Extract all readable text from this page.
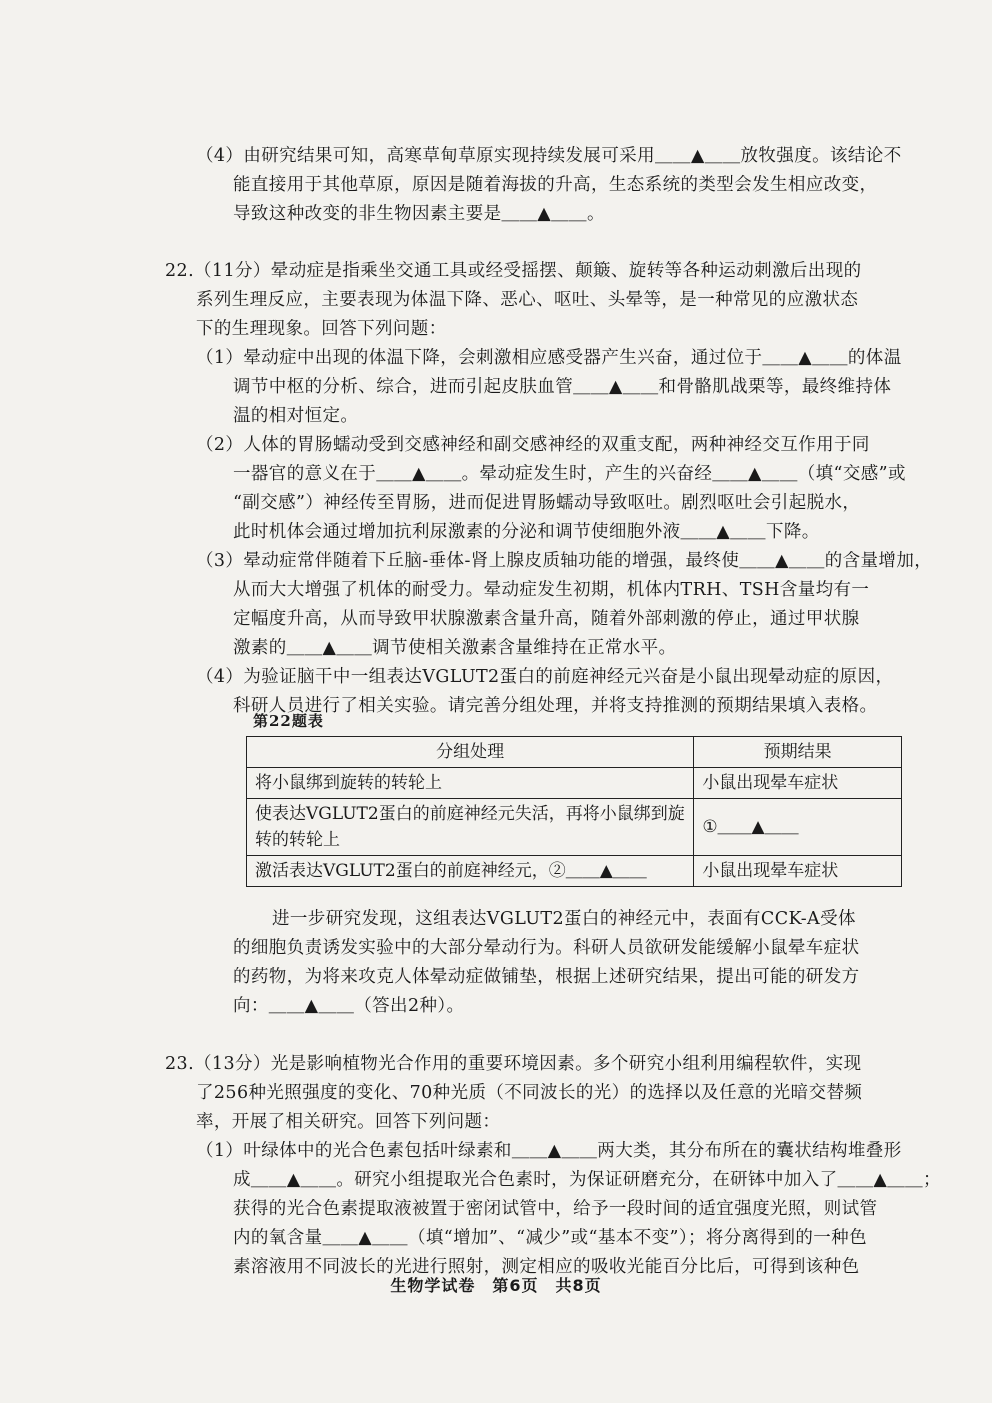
（4）由研究结果可知，高寒草甸草原实现持续发展可采用＿＿▲＿＿放牧强度。该结论不
能直接用于其他草原，原因是随着海拔的升高，生态系统的类型会发生相应改变，
导致这种改变的非生物因素主要是＿＿▲＿＿。
22.（11分）晕动症是指乘坐交通工具或经受摇摆、颠簸、旋转等各种运动刺激后出现的
系列生理反应，主要表现为体温下降、恶心、呕吐、头晕等，是一种常见的应激状态
下的生理现象。回答下列问题：
（1）晕动症中出现的体温下降，会刺激相应感受器产生兴奋，通过位于＿＿▲＿＿的体温
调节中枢的分析、综合，进而引起皮肤血管＿＿▲＿＿和骨骼肌战栗等，最终维持体
温的相对恒定。
（2）人体的胃肠蠕动受到交感神经和副交感神经的双重支配，两种神经交互作用于同
一器官的意义在于＿＿▲＿＿。晕动症发生时，产生的兴奋经＿＿▲＿＿（填“交感”或
“副交感”）神经传至胃肠，进而促进胃肠蠕动导致呕吐。剧烈呕吐会引起脱水，
此时机体会通过增加抗利尿激素的分泌和调节使细胞外液＿＿▲＿＿下降。
（3）晕动症常伴随着下丘脑-垂体-肾上腺皮质轴功能的增强，最终使＿＿▲＿＿的含量增加，
从而大大增强了机体的耐受力。晕动症发生初期，机体内TRH、TSH含量均有一
定幅度升高，从而导致甲状腺激素含量升高，随着外部刺激的停止，通过甲状腺
激素的＿＿▲＿＿调节使相关激素含量维持在正常水平。
（4）为验证脑干中一组表达VGLUT2蛋白的前庭神经元兴奋是小鼠出现晕动症的原因，
科研人员进行了相关实验。请完善分组处理，并将支持推测的预期结果填入表格。
进一步研究发现，这组表达VGLUT2蛋白的神经元中，表面有CCK-A受体
的细胞负责诱发实验中的大部分晕动行为。科研人员欲研发能缓解小鼠晕车症状
的药物，为将来攻克人体晕动症做铺垫，根据上述研究结果，提出可能的研发方
向：＿＿▲＿＿（答出2种）。
23.（13分）光是影响植物光合作用的重要环境因素。多个研究小组利用编程软件，实现
了256种光照强度的变化、70种光质（不同波长的光）的选择以及任意的光暗交替频
率，开展了相关研究。回答下列问题：
（1）叶绿体中的光合色素包括叶绿素和＿＿▲＿＿两大类，其分布所在的囊状结构堆叠形
成＿＿▲＿＿。研究小组提取光合色素时，为保证研磨充分，在研钵中加入了＿＿▲＿＿；
获得的光合色素提取液被置于密闭试管中，给予一段时间的适宜强度光照，则试管
内的氧含量＿＿▲＿＿（填“增加”、“减少”或“基本不变”）；将分离得到的一种色
素溶液用不同波长的光进行照射，测定相应的吸收光能百分比后，可得到该种色
第22题表
分组处理	预期结果
将小鼠绑到旋转的转轮上	小鼠出现晕车症状
使表达VGLUT2蛋白的前庭神经元失活，再将小鼠绑到旋转的转轮上	①＿＿▲＿＿
激活表达VGLUT2蛋白的前庭神经元，②＿＿▲＿＿	小鼠出现晕车症状
生物学试卷　第6页　共8页
